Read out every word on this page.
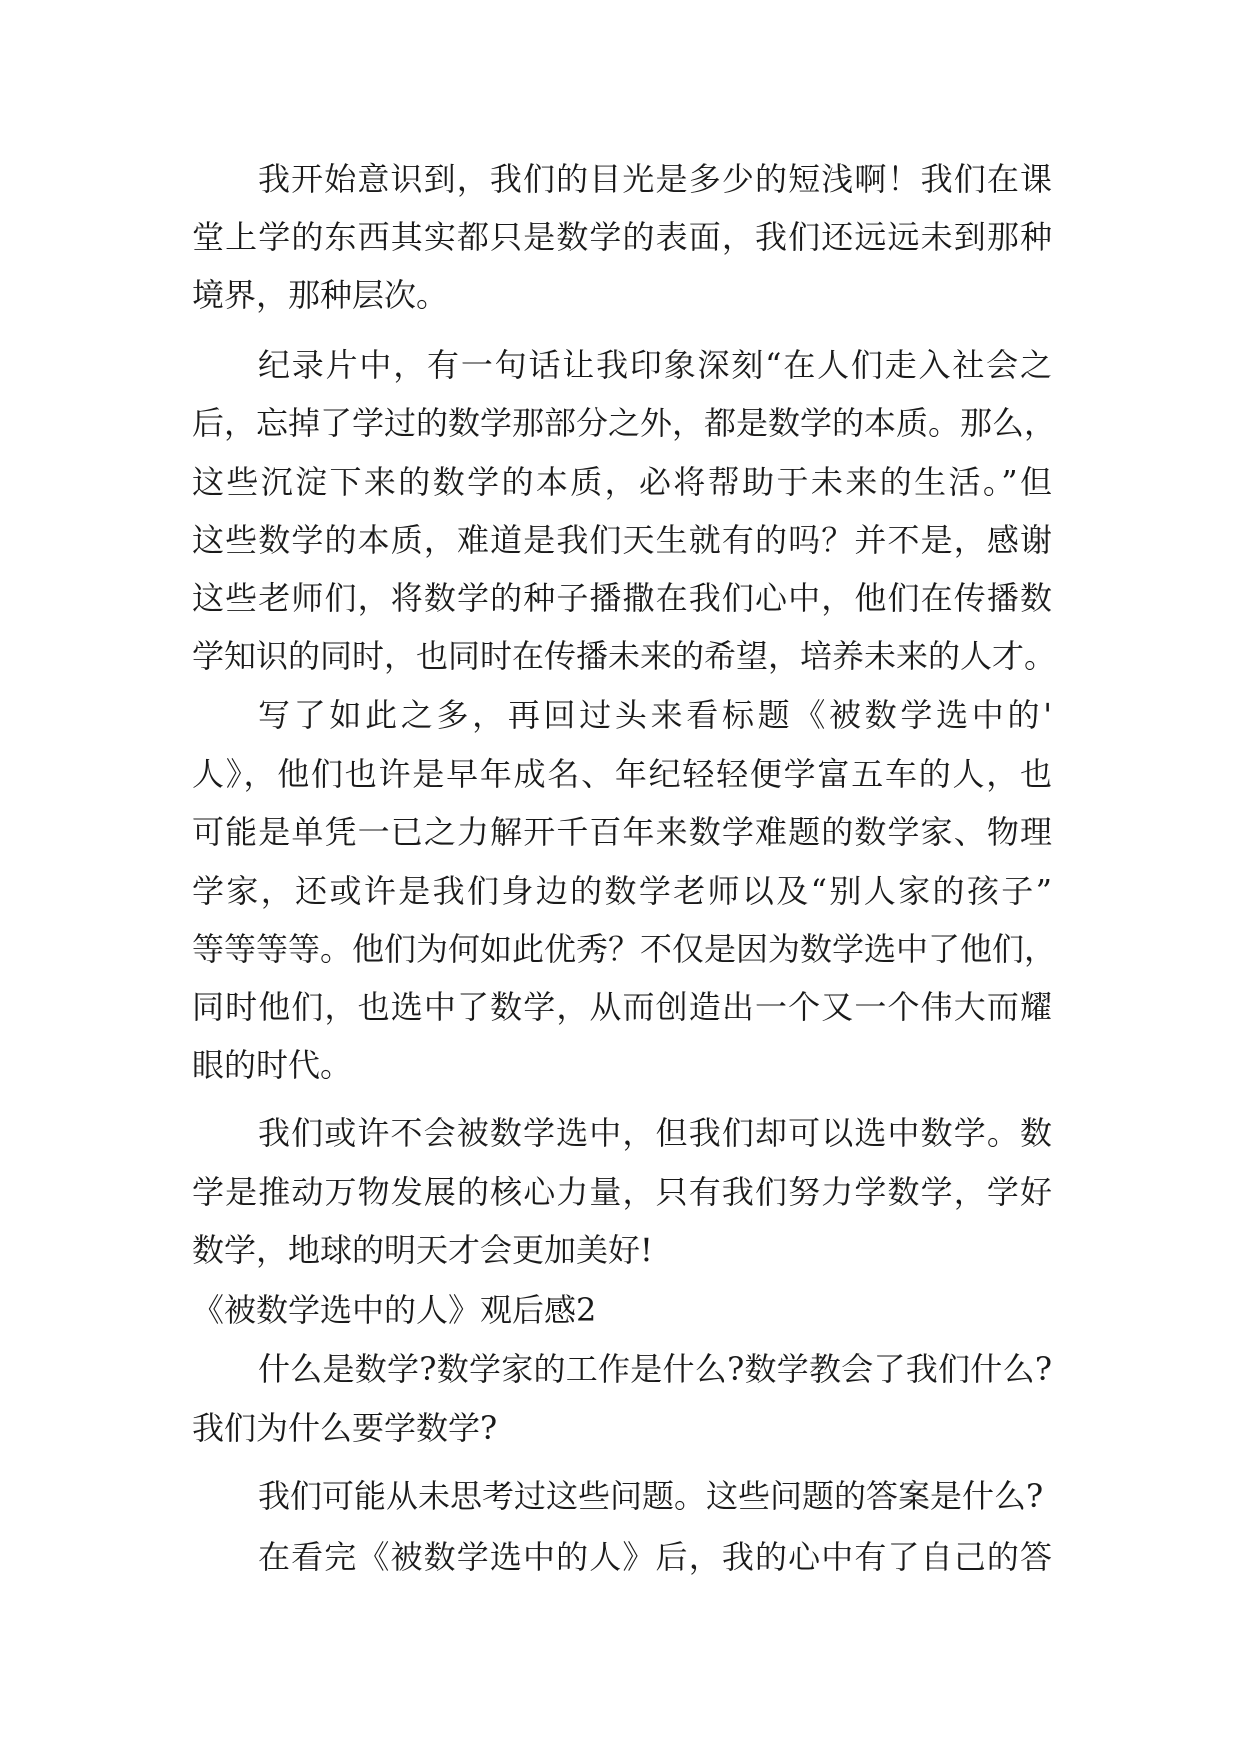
我开始意识到，我们的目光是多少的短浅啊！我们在课
堂上学的东西其实都只是数学的表面，我们还远远未到那种
境界，那种层次。
纪录片中，有一句话让我印象深刻“在人们走入社会之
后，忘掉了学过的数学那部分之外，都是数学的本质。那么，
这些沉淀下来的数学的本质，必将帮助于未来的生活。”但
这些数学的本质，难道是我们天生就有的吗？并不是，感谢
这些老师们，将数学的种子播撒在我们心中，他们在传播数
学知识的同时，也同时在传播未来的希望，培养未来的人才。
写了如此之多，再回过头来看标题《被数学选中的'
人》，他们也许是早年成名、年纪轻轻便学富五车的人，也
可能是单凭一已之力解开千百年来数学难题的数学家、物理
学家，还或许是我们身边的数学老师以及“别人家的孩子”
等等等等。他们为何如此优秀？不仅是因为数学选中了他们，
同时他们，也选中了数学，从而创造出一个又一个伟大而耀
眼的时代。
我们或许不会被数学选中，但我们却可以选中数学。数
学是推动万物发展的核心力量，只有我们努力学数学，学好
数学，地球的明天才会更加美好!
《被数学选中的人》观后感2
什么是数学?数学家的工作是什么?数学教会了我们什么?
我们为什么要学数学?
我们可能从未思考过这些问题。这些问题的答案是什么?
在看完《被数学选中的人》后，我的心中有了自己的答
